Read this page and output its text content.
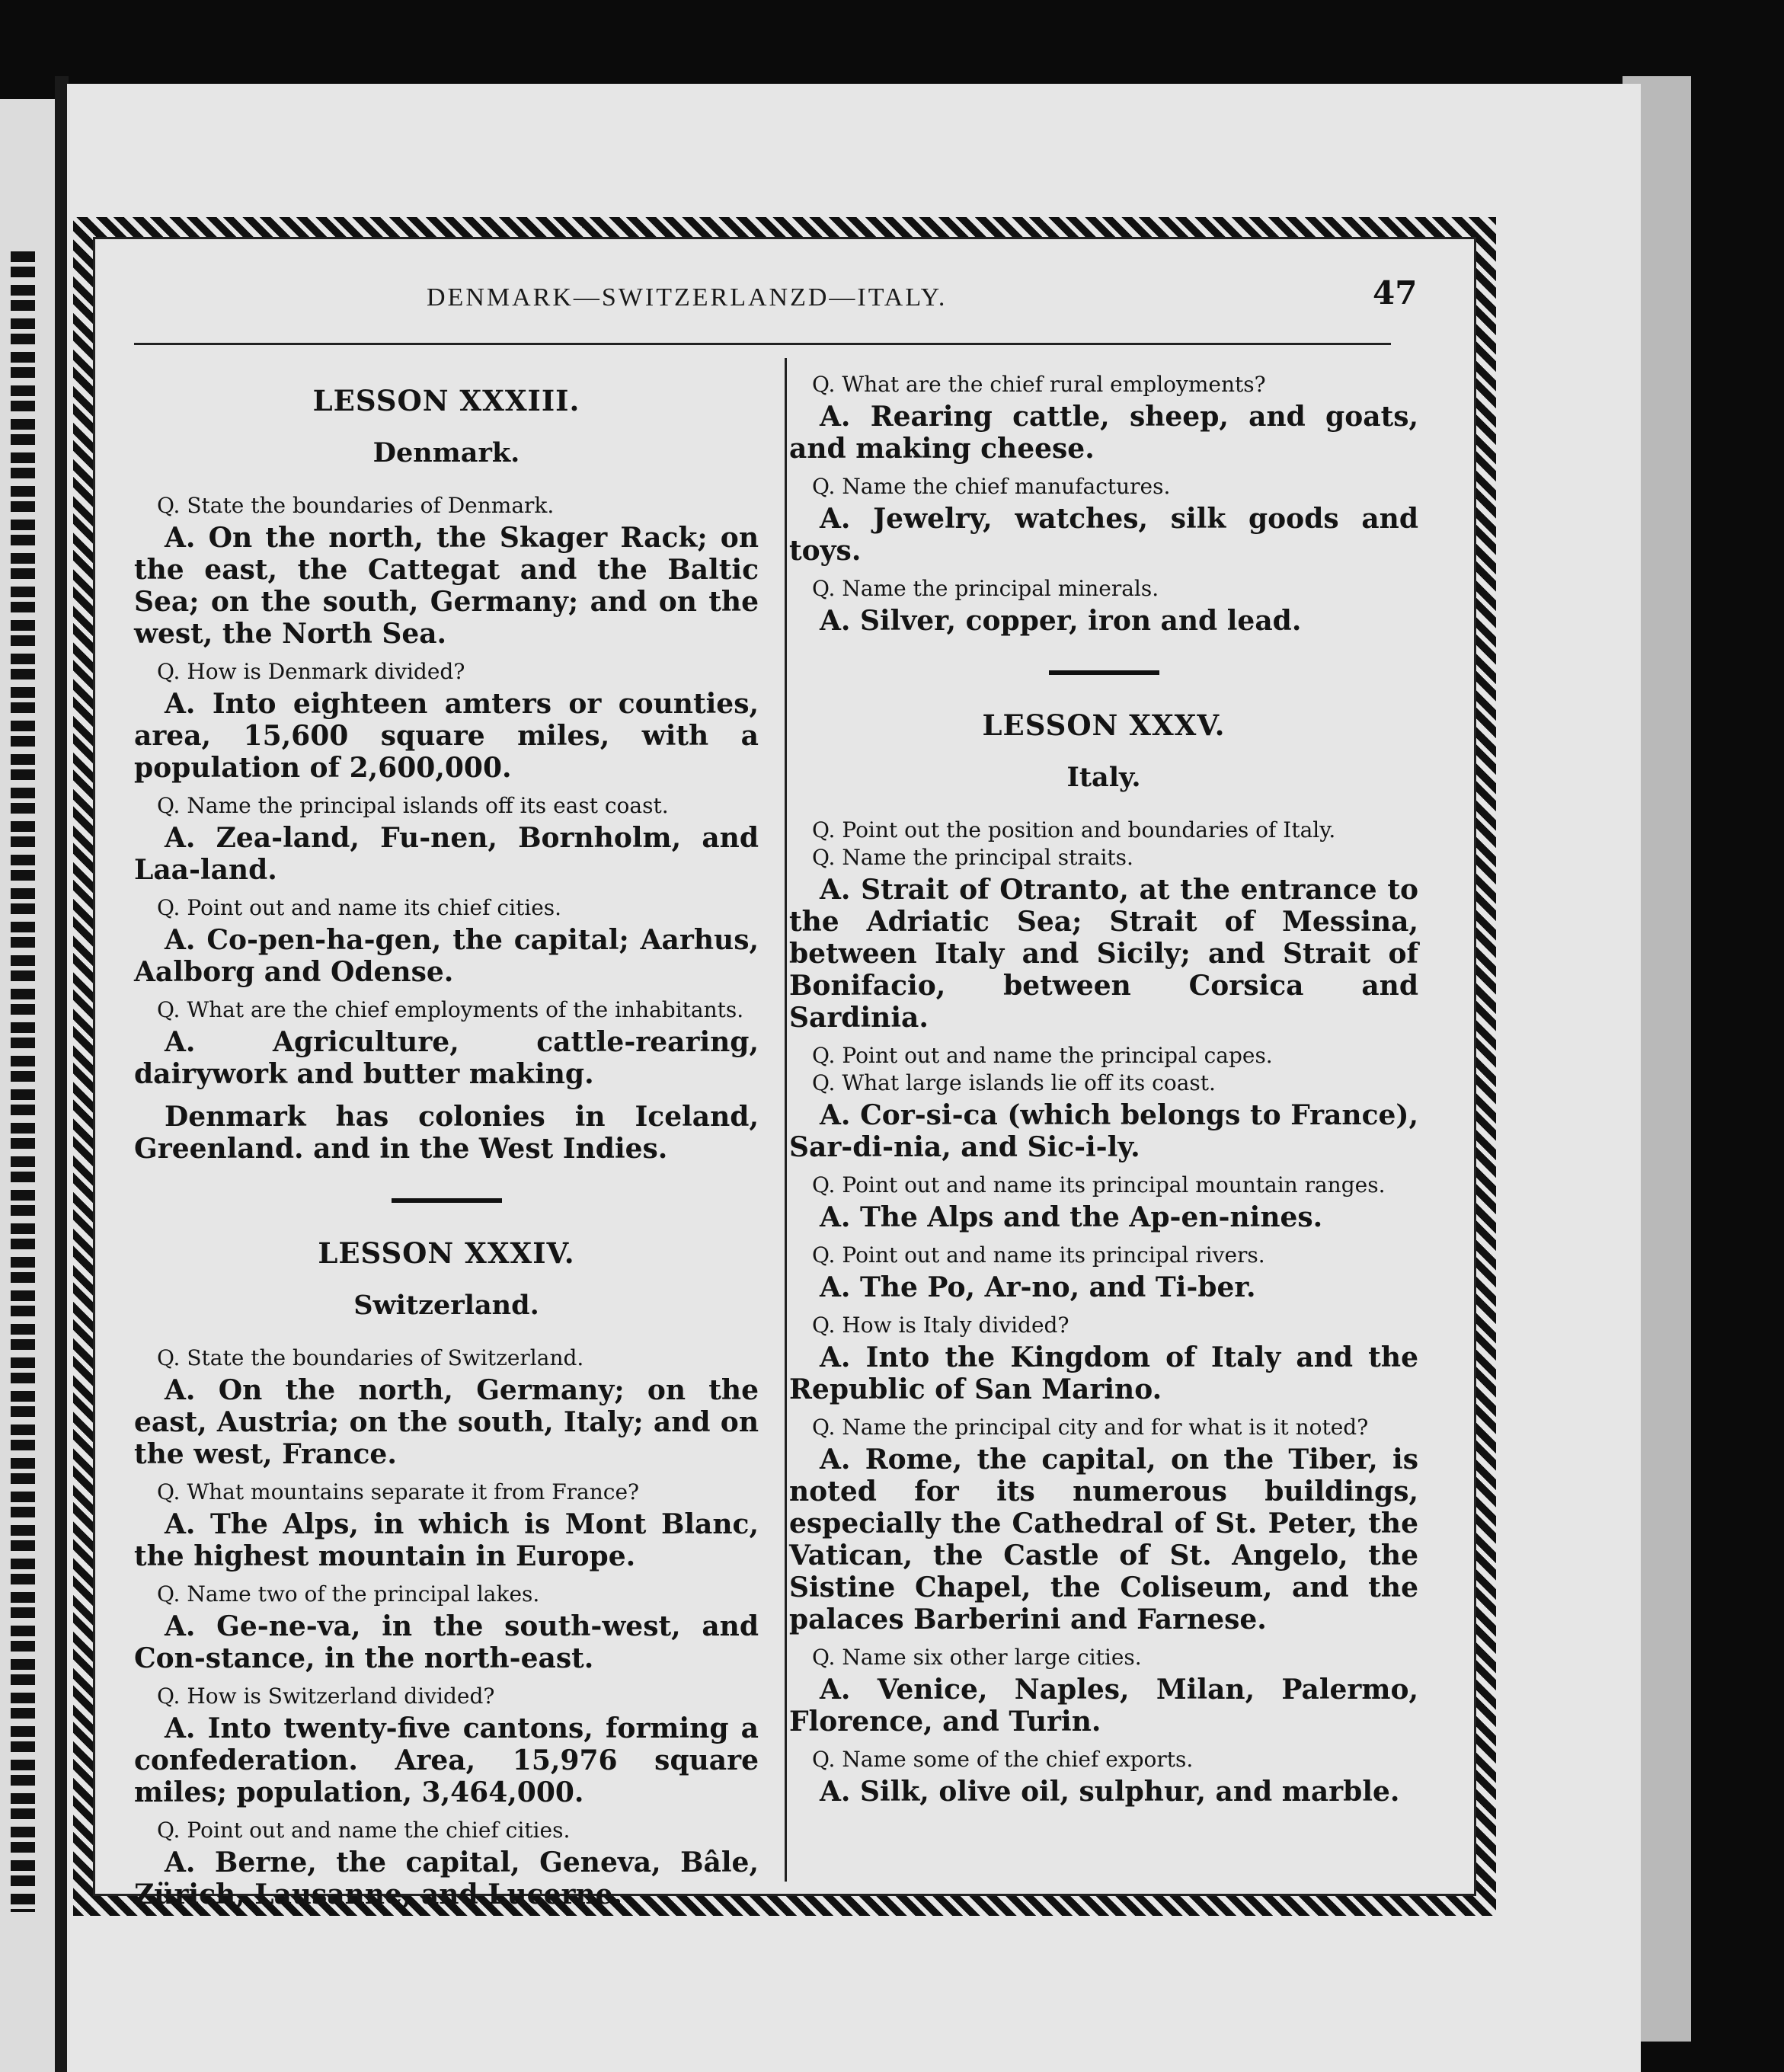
DENMARK—SWITZERLANZD—ITALY.	47
LESSON XXXIII.
Denmark.
Q. State the boundaries of Denmark.
A. On the north, the Skager Rack; on the east, the Cattegat and the Baltic Sea; on the south, Germany; and on the west, the North Sea.
Q. How is Denmark divided?
A. Into eighteen amters or counties, area, 15,600 square miles, with a population of 2,600,000.
Q. Name the principal islands off its east coast.
A. Zea-land, Fu-nen, Bornholm, and Laa-land.
Q. Point out and name its chief cities.
A. Co-pen-ha-gen, the capital; Aarhus, Aalborg and Odense.
Q. What are the chief employments of the inhabitants.
A. Agriculture, cattle-rearing, dairywork and butter making.
Denmark has colonies in Iceland, Greenland. and in the West Indies.
LESSON XXXIV.
Switzerland.
Q. State the boundaries of Switzerland.
A. On the north, Germany; on the east, Austria; on the south, Italy; and on the west, France.
Q. What mountains separate it from France?
A. The Alps, in which is Mont Blanc, the highest mountain in Europe.
Q. Name two of the principal lakes.
A. Ge-ne-va, in the south-west, and Con-stance, in the north-east.
Q. How is Switzerland divided?
A. Into twenty-five cantons, forming a confederation. Area, 15,976 square miles; population, 3,464,000.
Q. Point out and name the chief cities.
A. Berne, the capital, Geneva, Bâle, Zürich, Lausanne, and Lucerne.
Q. What are the chief rural employments?
A. Rearing cattle, sheep, and goats, and making cheese.
Q. Name the chief manufactures.
A. Jewelry, watches, silk goods and toys.
Q. Name the principal minerals.
A. Silver, copper, iron and lead.
LESSON XXXV.
Italy.
Q. Point out the position and boundaries of Italy.
Q. Name the principal straits.
A. Strait of Otranto, at the entrance to the Adriatic Sea; Strait of Messina, between Italy and Sicily; and Strait of Bonifacio, between Corsica and Sardinia.
Q. Point out and name the principal capes.
Q. What large islands lie off its coast.
A. Cor-si-ca (which belongs to France), Sar-di-nia, and Sic-i-ly.
Q. Point out and name its principal mountain ranges.
A. The Alps and the Ap-en-nines.
Q. Point out and name its principal rivers.
A. The Po, Ar-no, and Ti-ber.
Q. How is Italy divided?
A. Into the Kingdom of Italy and the Republic of San Marino.
Q. Name the principal city and for what is it noted?
A. Rome, the capital, on the Tiber, is noted for its numerous buildings, especially the Cathedral of St. Peter, the Vatican, the Castle of St. Angelo, the Sistine Chapel, the Coliseum, and the palaces Barberini and Farnese.
Q. Name six other large cities.
A. Venice, Naples, Milan, Palermo, Florence, and Turin.
Q. Name some of the chief exports.
A. Silk, olive oil, sulphur, and marble.
